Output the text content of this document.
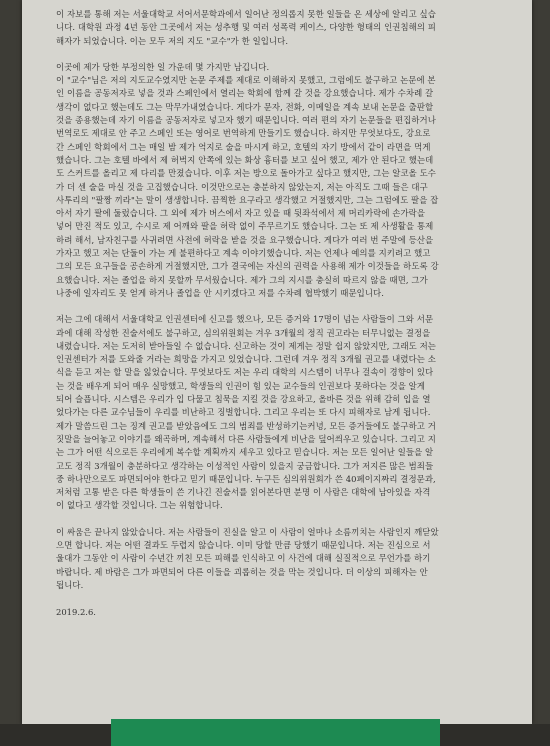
이 자보를 통해 저는 서울대학교 서어서문학과에서 일어난 정의롭지 못한 일들을 온 세상에 알리고 싶습
니다. 대학원 과정 4년 동안 그곳에서 저는 성추행 및 여러 성폭력 케이스, 다양한 형태의 인권침해의 피
해자가 되었습니다. 이는 모두 저의 지도 "교수"가 한 일입니다.
이곳에 제가 당한 부정의한 일 가운데 몇 가지만 남깁니다.
이 "교수"님은 저의 지도교수였지만 논문 주제를 제대로 이해하지 못했고, 그럼에도 불구하고 논문에 본
인 이름을 공동저자로 넣을 것과 스페인에서 열리는 학회에 함께 갈 것을 강요했습니다. 제가 수차례 갈
생각이 없다고 했는데도 그는 막무가내였습니다. 게다가 문자, 전화, 이메일을 계속 보내 논문을 출판할
것을 종용했는데 자기 이름을 공동저자로 넣고자 했기 때문입니다. 여러 편의 자기 논문들을 편집하거나
번역로도 제대로 안 주고 스페인 또는 영어로 번역하게 만들기도 했습니다. 하지만 무엇보다도, 강요로
간 스페인 학회에서 그는 매일 밤 제가 억지로 술을 마시게 하고, 호텔의 자기 방에서 같이 라면을 먹게
했습니다. 그는 호텔 바에서 제 허벅지 안쪽에 있는 화상 흉터를 보고 싶어 했고, 제가 안 된다고 했는데
도 스커트를 올리고 제 다리를 만졌습니다. 이후 저는 방으로 돌아가고 싶다고 했지만, 그는 알코올 도수
가 더 센 술을 마실 것을 고집했습니다. 이것만으로는 충분하지 않았는지, 저는 아직도 그때 들은 대구
사투리의 "팔짱 끼라"는 말이 생생합니다. 끔찍한 요구라고 생각했고 거절했지만, 그는 그럼에도 팔을 잡
아서 자기 팔에 둘렀습니다. 그 외에 제가 버스에서 자고 있을 때 뒷좌석에서 제 머리카락에 손가락을
넣어 만진 적도 있고, 수시로 제 어깨와 팔을 허락 없이 주무르기도 했습니다. 그는 또 제 사생활을 통제
하려 해서, 남자친구를 사귀려면 사전에 허락을 받을 것을 요구했습니다. 게다가 여러 번 주말에 등산을
가자고 했고 저는 단둘이 가는 게 불편하다고 계속 이야기했습니다. 저는 언제나 예의를 지키려고 했고
그의 모든 요구들을 공손하게 거절했지만, 그가 결국에는 자신의 권력을 사용해 제가 이것들을 하도록 강
요했습니다. 저는 졸업을 하지 못할까 무서웠습니다. 제가 그의 지시를 충실히 따르지 않을 때면, 그가
나중에 일자리도 못 얻게 하거나 졸업을 안 시키겠다고 저를 수차례 협박했기 때문입니다.
저는 그에 대해서 서울대학교 인권센터에 신고를 했으나, 모든 증거와 17명이 넘는 사람들이 그와 서문
과에 대해 작성한 진술서에도 불구하고, 심의위원회는 겨우 3개월의 정직 권고라는 터무니없는 결정을
내렸습니다. 저는 도저히 받아들일 수 없습니다. 신고하는 것이 제게는 정말 쉽지 않았지만, 그래도 저는
인권센터가 저를 도와줄 거라는 희망을 가지고 있었습니다. 그런데 겨우 정직 3개월 권고를 내렸다는 소
식을 듣고 저는 할 말을 잃었습니다. 무엇보다도 저는 우리 대학의 시스템이 너무나 걸속이 경향이 있다
는 것을 배우게 되어 매우 실망했고, 학생들의 인권이 힘 있는 교수들의 인권보다 못하다는 것을 알게
되어 슬픕니다. 시스템은 우리가 입 다물고 침묵을 지킬 것을 강요하고, 올바른 것을 위해 감히 입을 열
었다가는 다른 교수님들이 우리를 비난하고 징벌합니다. 그리고 우리는 또 다시 피해자로 남게 됩니다.
제가 말씀드린 그는 징계 권고를 받았음에도 그의 범죄를 반성하기는커녕, 모든 증거들에도 불구하고 거
짓말을 늘어놓고 이야기를 왜곡하며, 계속해서 다른 사람들에게 비난을 덮어씌우고 있습니다. 그리고 지
는 그가 어떤 식으로든 우리에게 복수할 계획까지 세우고 있다고 믿습니다. 저는 모든 일어난 일들을 알
고도 정직 3개월이 충분하다고 생각하는 이성적인 사람이 있을지 궁금합니다. 그가 저지른 많은 범죄들
중 하나만으로도 파면되어야 한다고 믿기 때문입니다. 누구든 심의위원회가 쓴 40페이지짜리 결정문과,
저처럼 고통 받은 다른 학생들이 쓴 기나긴 진술서를 읽어본다면 분명 이 사람은 대학에 남아있을 자격
이 없다고 생각할 것입니다. 그는 위험합니다.
이 싸움은 끝나지 않았습니다. 저는 사람들이 진실을 알고 이 사람이 얼마나 소름끼치는 사람인지 깨닫았
으면 합니다. 저는 어떤 결과도 두렵지 않습니다. 이미 당할 만큼 당했기 때문입니다. 저는 진심으로 서
울대가 그동안 이 사람이 수년간 끼친 모든 피해를 인식하고 이 사건에 대해 실질적으로 무언가를 하기
바랍니다. 제 바람은 그가 파면되어 다른 이들을 괴롭히는 것을 막는 것입니다. 더 이상의 피해자는 안
됩니다.
2019.2.6.
